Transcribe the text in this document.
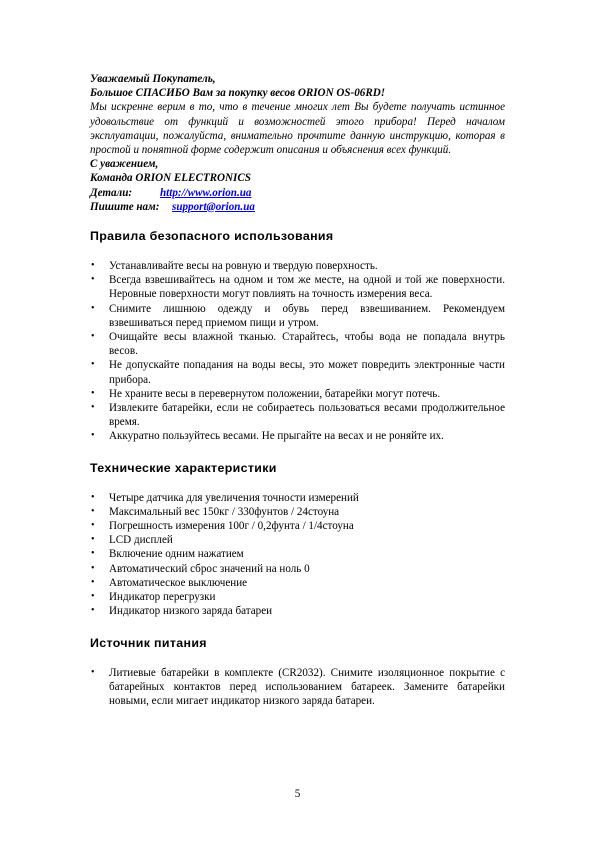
Уважаемый Покупатель,
Большое СПАСИБО Вам за покупку весов ORION OS-06RD!
Мы искренне верим в то, что в течение многих лет Вы будете получать истинное удовольствие от функций и возможностей этого прибора! Перед началом эксплуатации, пожалуйста, внимательно прочтите данную инструкцию, которая в простой и понятной форме содержит описания и объяснения всех функций.
С уважением,
Команда ORION ELECTRONICS
Детали:	http://www.orion.ua
Пишите нам: support@orion.ua
Правила безопасного использования
• Устанавливайте весы на ровную и твердую поверхность.
• Всегда взвешивайтесь на одном и том же месте, на одной и той же поверхности. Неровные поверхности могут повлиять на точность измерения веса.
• Снимите лишнюю одежду и обувь перед взвешиванием. Рекомендуем взвешиваться перед приемом пищи и утром.
• Очищайте весы влажной тканью. Старайтесь, чтобы вода не попадала внутрь весов.
• Не допускайте попадания на воды весы, это может повредить электронные части прибора.
• Не храните весы в перевернутом положении, батарейки могут потечь.
• Извлеките батарейки, если не собираетесь пользоваться весами продолжительное время.
• Аккуратно пользуйтесь весами. Не прыгайте на весах и не роняйте их.
Технические характеристики
• Четыре датчика для увеличения точности измерений
• Максимальный вес 150кг / 330фунтов / 24стоуна
• Погрешность измерения 100г / 0,2фунта / 1/4стоуна
• LCD дисплей
• Включение одним нажатием
• Автоматический сброс значений на ноль 0
• Автоматическое выключение
• Индикатор перегрузки
• Индикатор низкого заряда батареи
Источник питания
• Литиевые батарейки в комплекте (CR2032). Снимите изоляционное покрытие с батарейных контактов перед использованием батареек. Замените батарейки новыми, если мигает индикатор низкого заряда батареи.
5
